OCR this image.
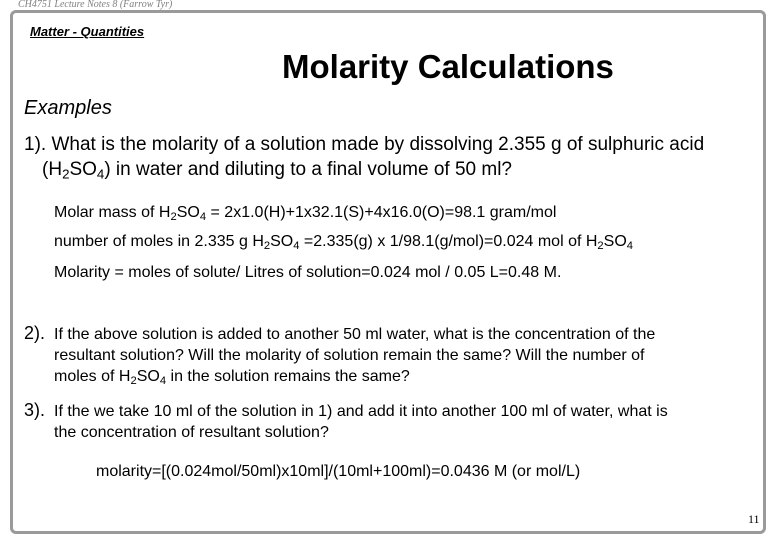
CH4751 Lecture Notes 8 (Farrow Tyr)
Matter - Quantities
Molarity Calculations
Examples
1). What is the molarity of a solution made by dissolving 2.355 g of sulphuric acid
$(H_2SO_4)$ in water and diluting to a final volume of 50 ml?
Molar mass of $H_2SO_4 = 2x1.0(H)+1x32.1(S)+4x16.0(O)=98.1$ gram/mol
number of moles in 2.335 g $H_2SO_4 =2.335(g)$ x 1/98.1(g/mol)=0.024 mol of $H_2SO_4$
Molarity = moles of solute/ Litres of solution=0.024 mol / 0.05 L=0.48 M.
2). If the above solution is added to another 50 ml water, what is the concentration of the
resultant solution? Will the molarity of solution remain the same? Will the number of
moles of $H_2SO_4$ in the solution remains the same?
3). If the we take 10 ml of the solution in 1) and add it into another 100 ml of water, what is
the concentration of resultant solution?
molarity=[(0.024mol/50ml)x10ml]/(10ml+100ml)=0.0436 M (or mol/L)
11
